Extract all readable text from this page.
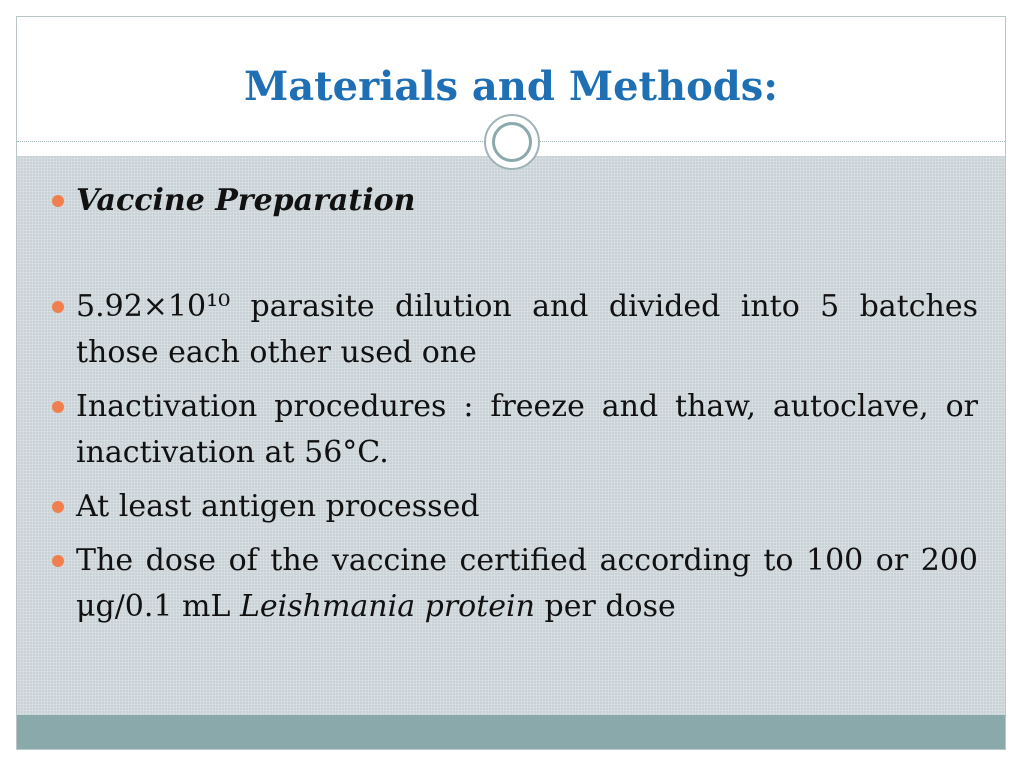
Materials and Methods:
Vaccine Preparation
5.92×10¹⁰ parasite dilution and divided into 5 batches those each other used one
Inactivation procedures : freeze and thaw, autoclave, or inactivation at 56°C.
At least antigen processed
The dose of the vaccine certified according to 100 or 200 μg/0.1 mL Leishmania protein per dose
